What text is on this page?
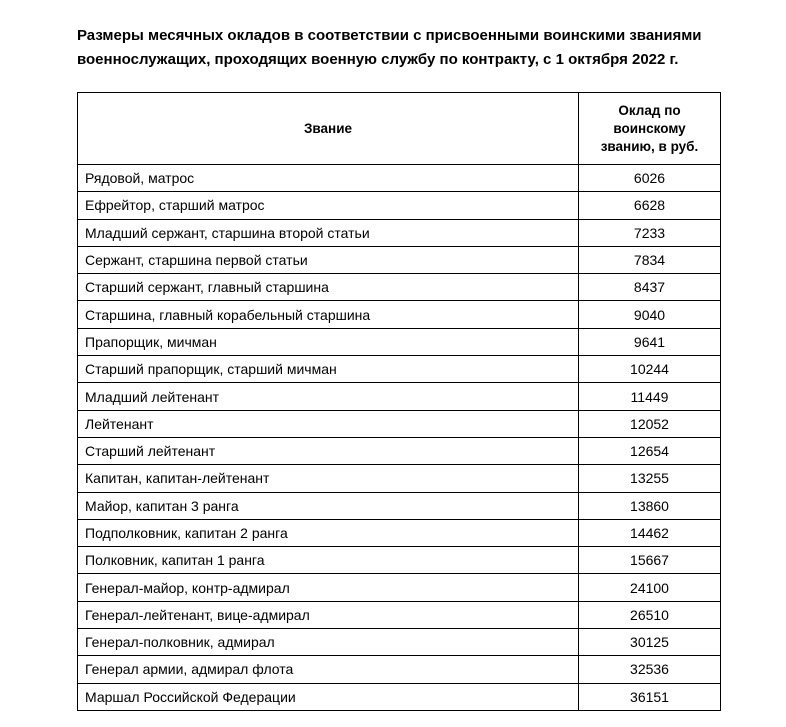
Размеры месячных окладов в соответствии с присвоенными воинскими званиями
военнослужащих, проходящих военную службу по контракту, с 1 октября 2022 г.
Звание	Оклад по воинскому званию, в руб.
Рядовой, матрос	6026
Ефрейтор, старший матрос	6628
Младший сержант, старшина второй статьи	7233
Сержант, старшина первой статьи	7834
Старший сержант, главный старшина	8437
Старшина, главный корабельный старшина	9040
Прапорщик, мичман	9641
Старший прапорщик, старший мичман	10244
Младший лейтенант	11449
Лейтенант	12052
Старший лейтенант	12654
Капитан, капитан-лейтенант	13255
Майор, капитан 3 ранга	13860
Подполковник, капитан 2 ранга	14462
Полковник, капитан 1 ранга	15667
Генерал-майор, контр-адмирал	24100
Генерал-лейтенант, вице-адмирал	26510
Генерал-полковник, адмирал	30125
Генерал армии, адмирал флота	32536
Маршал Российской Федерации	36151
